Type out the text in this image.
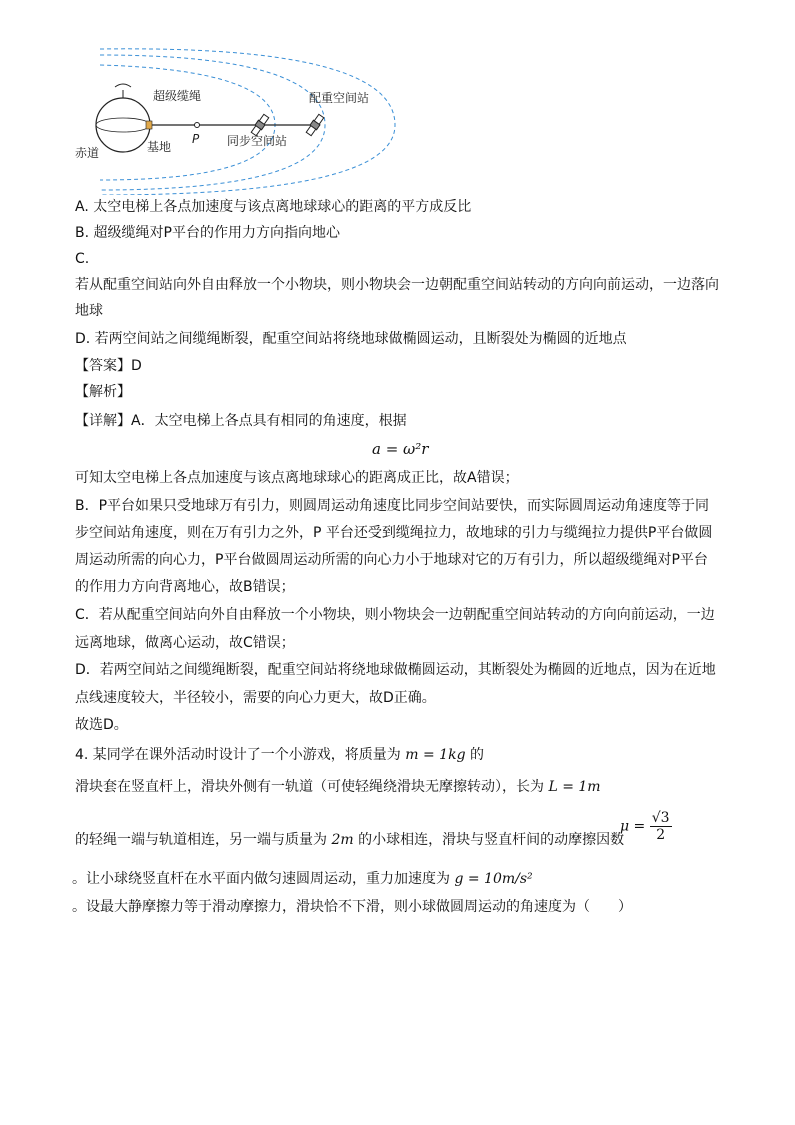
超级缆绳	配重空间站
P
赤道	基地	同步空间站
A. 太空电梯上各点加速度与该点离地球球心的距离的平方成反比
B. 超级缆绳对P平台的作用力方向指向地心
C.
若从配重空间站向外自由释放一个小物块，则小物块会一边朝配重空间站转动的方向向前运动，一边落向
地球
D. 若两空间站之间缆绳断裂，配重空间站将绕地球做椭圆运动，且断裂处为椭圆的近地点
【答案】D
【解析】
【详解】A．太空电梯上各点具有相同的角速度，根据
a = ω²r
可知太空电梯上各点加速度与该点离地球球心的距离成正比，故A错误；
B．P平台如果只受地球万有引力，则圆周运动角速度比同步空间站要快，而实际圆周运动角速度等于同
步空间站角速度，则在万有引力之外，P 平台还受到缆绳拉力，故地球的引力与缆绳拉力提供P平台做圆
周运动所需的向心力，P平台做圆周运动所需的向心力小于地球对它的万有引力，所以超级缆绳对P平台
的作用力方向背离地心，故B错误；
C．若从配重空间站向外自由释放一个小物块，则小物块会一边朝配重空间站转动的方向向前运动，一边
远离地球，做离心运动，故C错误；
D．若两空间站之间缆绳断裂，配重空间站将绕地球做椭圆运动，其断裂处为椭圆的近地点，因为在近地
点线速度较大，半径较小，需要的向心力更大，故D正确。
故选D。
4. 某同学在课外活动时设计了一个小游戏，将质量为 m = 1kg 的
滑块套在竖直杆上，滑块外侧有一轨道（可使轻绳绕滑块无摩擦转动），长为 L = 1m
的轻绳一端与轨道相连，另一端与质量为 2m 的小球相连，滑块与竖直杆间的动摩擦因数
$\mu = \frac{√3}{2}$
。让小球绕竖直杆在水平面内做匀速圆周运动，重力加速度为 g = 10m/s²
。设最大静摩擦力等于滑动摩擦力，滑块恰不下滑，则小球做圆周运动的角速度为（　　）
